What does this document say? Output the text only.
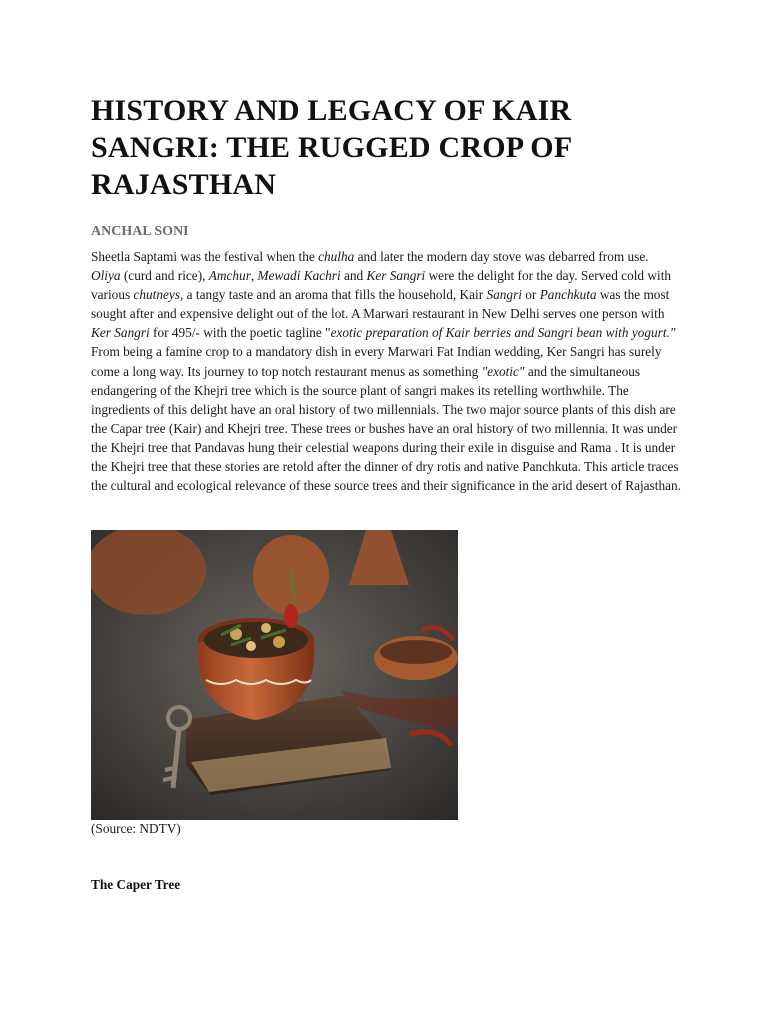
HISTORY AND LEGACY OF KAIR SANGRI: THE RUGGED CROP OF RAJASTHAN

ANCHAL SONI

Sheetla Saptami was the festival when the chulha and later the modern day stove was debarred from use. Oliya (curd and rice), Amchur, Mewadi Kachri and Ker Sangri were the delight for the day. Served cold with various chutneys, a tangy taste and an aroma that fills the household, Kair Sangri or Panchkuta was the most sought after and expensive delight out of the lot. A Marwari restaurant in New Delhi serves one person with Ker Sangri for 495/- with the poetic tagline "exotic preparation of Kair berries and Sangri bean with yogurt." From being a famine crop to a mandatory dish in every Marwari Fat Indian wedding, Ker Sangri has surely come a long way. Its journey to top notch restaurant menus as something "exotic" and the simultaneous endangering of the Khejri tree which is the source plant of sangri makes its retelling worthwhile. The ingredients of this delight have an oral history of two millennials. The two major source plants of this dish are the Capar tree (Kair) and Khejri tree. These trees or bushes have an oral history of two millennia. It was under the Khejri tree that Pandavas hung their celestial weapons during their exile in disguise and Rama . It is under the Khejri tree that these stories are retold after the dinner of dry rotis and native Panchkuta. This article traces the cultural and ecological relevance of these source trees and their significance in the arid desert of Rajasthan.

(Source: NDTV)

The Caper Tree
